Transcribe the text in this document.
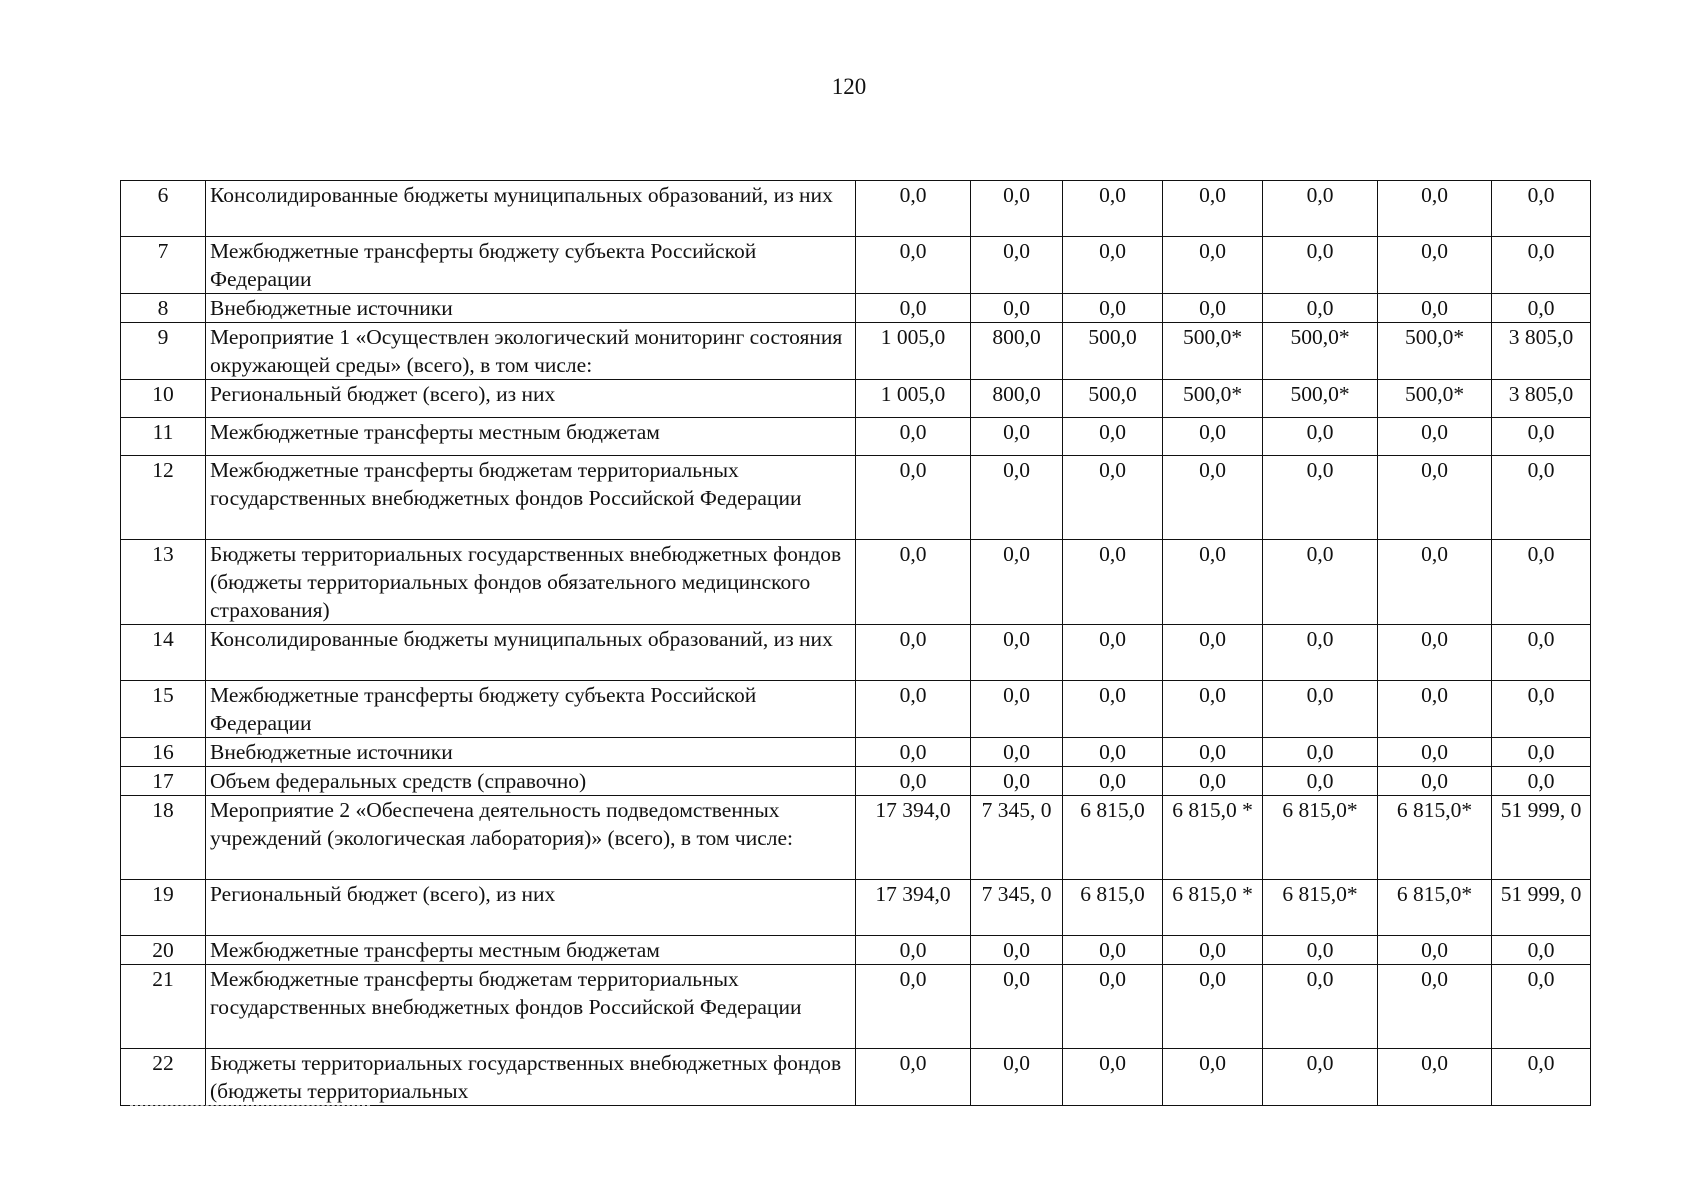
120
6	Консолидированные бюджеты муниципальных образований, из них	0,0	0,0	0,0	0,0	0,0	0,0	0,0
7	Межбюджетные трансферты бюджету субъекта Российской Федерации	0,0	0,0	0,0	0,0	0,0	0,0	0,0
8	Внебюджетные источники	0,0	0,0	0,0	0,0	0,0	0,0	0,0
9	Мероприятие 1 «Осуществлен экологический мониторинг состояния окружающей среды» (всего), в том числе:	1 005,0	800,0	500,0	500,0*	500,0*	500,0*	3 805,0
10	Региональный бюджет (всего), из них	1 005,0	800,0	500,0	500,0*	500,0*	500,0*	3 805,0
11	Межбюджетные трансферты местным бюджетам	0,0	0,0	0,0	0,0	0,0	0,0	0,0
12	Межбюджетные трансферты бюджетам территориальных государственных внебюджетных фондов Российской Федерации	0,0	0,0	0,0	0,0	0,0	0,0	0,0
13	Бюджеты территориальных государственных внебюджетных фондов (бюджеты территориальных фондов обязательного медицинского страхования)	0,0	0,0	0,0	0,0	0,0	0,0	0,0
14	Консолидированные бюджеты муниципальных образований, из них	0,0	0,0	0,0	0,0	0,0	0,0	0,0
15	Межбюджетные трансферты бюджету субъекта Российской Федерации	0,0	0,0	0,0	0,0	0,0	0,0	0,0
16	Внебюджетные источники	0,0	0,0	0,0	0,0	0,0	0,0	0,0
17	Объем федеральных средств (справочно)	0,0	0,0	0,0	0,0	0,0	0,0	0,0
18	Мероприятие 2 «Обеспечена деятельность подведомственных учреждений (экологическая лаборатория)» (всего), в том числе:	17 394,0	7 345, 0	6 815,0	6 815,0 *	6 815,0*	6 815,0*	51 999, 0
19	Региональный бюджет (всего), из них	17 394,0	7 345, 0	6 815,0	6 815,0 *	6 815,0*	6 815,0*	51 999, 0
20	Межбюджетные трансферты местным бюджетам	0,0	0,0	0,0	0,0	0,0	0,0	0,0
21	Межбюджетные трансферты бюджетам территориальных государственных внебюджетных фондов Российской Федерации	0,0	0,0	0,0	0,0	0,0	0,0	0,0
22	Бюджеты территориальных государственных внебюджетных фондов (бюджеты территориальных	0,0	0,0	0,0	0,0	0,0	0,0	0,0
